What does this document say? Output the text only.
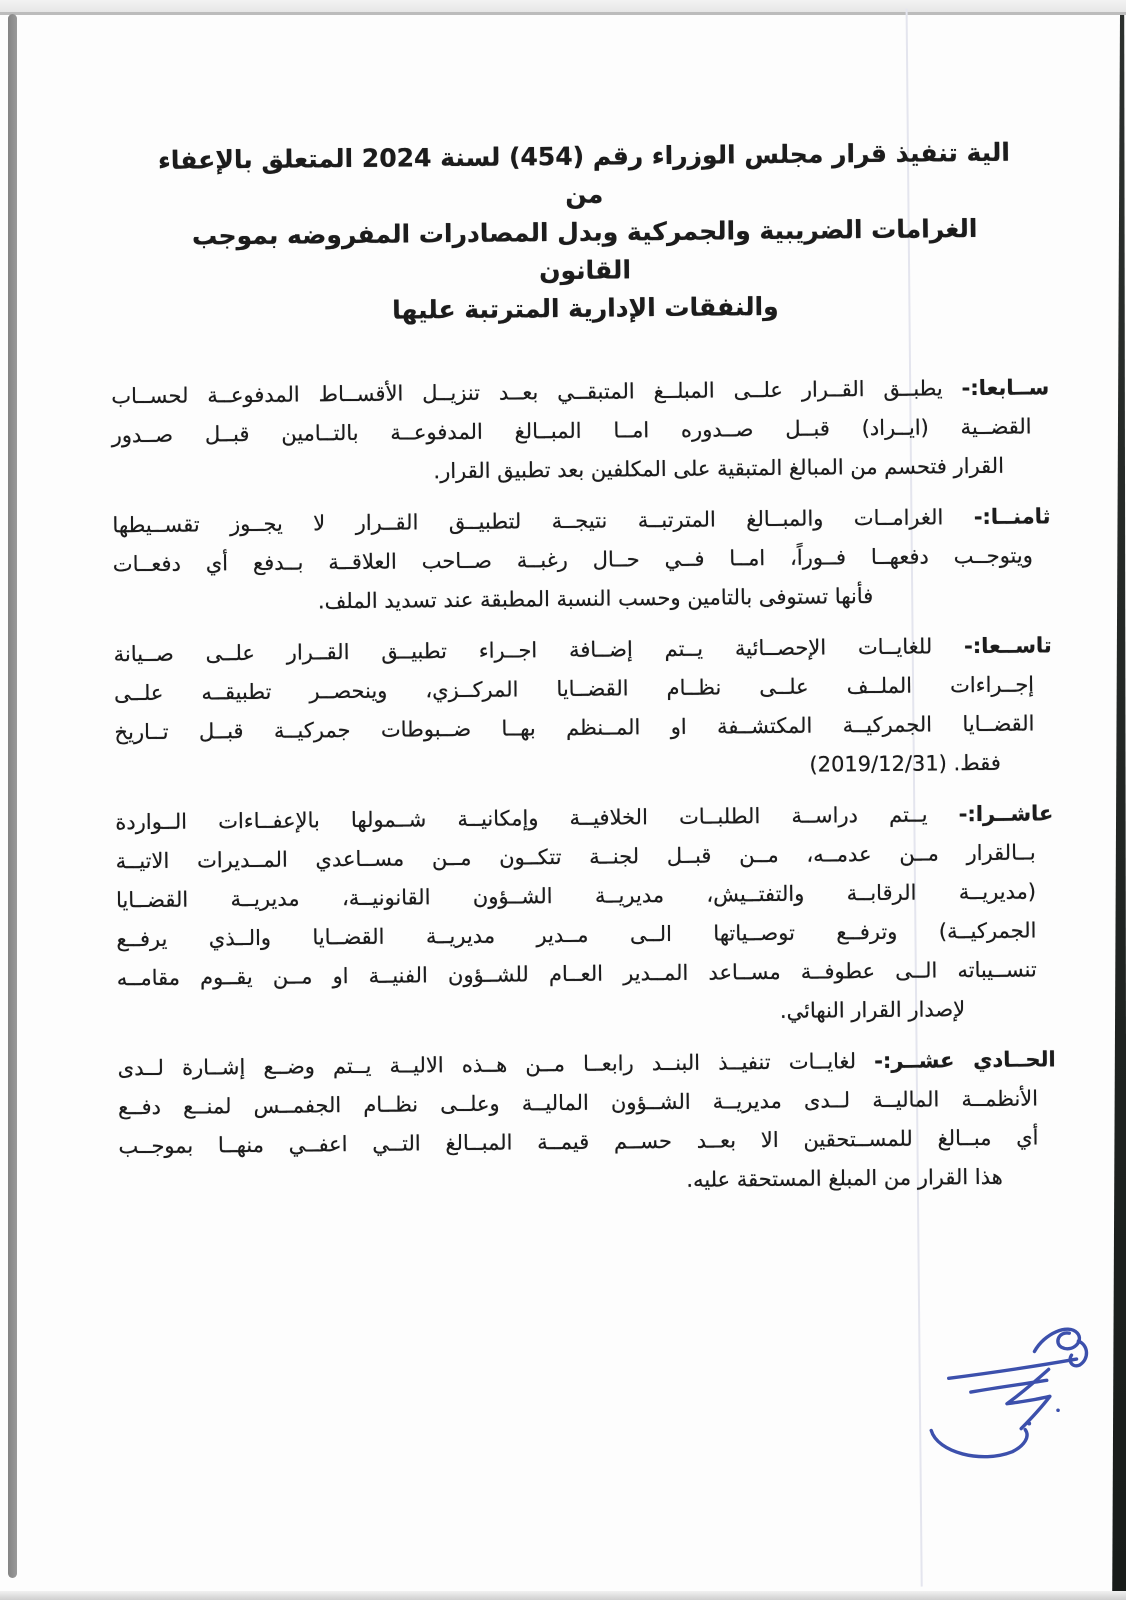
الية تنفيذ قرار مجلس الوزراء رقم (454) لسنة 2024 المتعلق بالإعفاء من
الغرامات الضريبية والجمركية وبدل المصادرات المفروضه بموجب القانون
والنفقات الإدارية المترتبة عليها
ســابعا:- يطبــق القــرار علــى المبلــغ المتبقــي بعــد تنزيــل الأقســاط المدفوعــة لحســاب
القضــية (ايــراد) قبــل صــدوره امــا المبــالغ المدفوعــة بالتــامين قبــل صــدور
القرار فتحسم من المبالغ المتبقية على المكلفين بعد تطبيق القرار.
ثامنــا:- الغرامــات والمبــالغ المترتبــة نتيجــة لتطبيــق القــرار لا يجــوز تقســيطها
ويتوجــب دفعهــا فــوراً، امــا فــي حــال رغبــة صــاحب العلاقــة بــدفع أي دفعــات
فأنها تستوفى بالتامين وحسب النسبة المطبقة عند تسديد الملف.
تاســعا:- للغايــات الإحصــائية يــتم إضــافة اجــراء تطبيــق القــرار علــى صــيانة
إجــراءات الملــف علــى نظــام القضــايا المركــزي، وينحصــر تطبيقــه علــى
القضــايا الجمركيــة المكتشــفة او المــنظم بهــا ضــبوطات جمركيــة قبــل تــاريخ
فقط. (2019/12/31)
عاشــرا:- يــتم دراســة الطلبــات الخلافيــة وإمكانيــة شــمولها بالإعفــاءات الــواردة
بــالقرار مــن عدمــه، مــن قبــل لجنــة تتكــون مــن مســاعدي المــديرات الاتيــة
(مديريــة الرقابــة والتفتــيش، مديريــة الشــؤون القانونيــة، مديريــة القضــايا
الجمركيــة) وترفــع توصــياتها الــى مــدير مديريــة القضــايا والــذي يرفــع
تنســيباته الــى عطوفــة مســاعد المــدير العــام للشــؤون الفنيــة او مــن يقــوم مقامــه
لإصدار القرار النهائي.
الحــادي عشــر:- لغايــات تنفيــذ البنــد رابعــا مــن هــذه الاليــة يــتم وضــع إشــارة لــدى
الأنظمــة الماليــة لــدى مديريــة الشــؤون الماليــة وعلــى نظــام الجفمــس لمنــع دفــع
أي مبــالغ للمســتحقين الا بعــد حســم قيمــة المبــالغ التــي اعفــي منهــا بموجــب
هذا القرار من المبلغ المستحقة عليه.
